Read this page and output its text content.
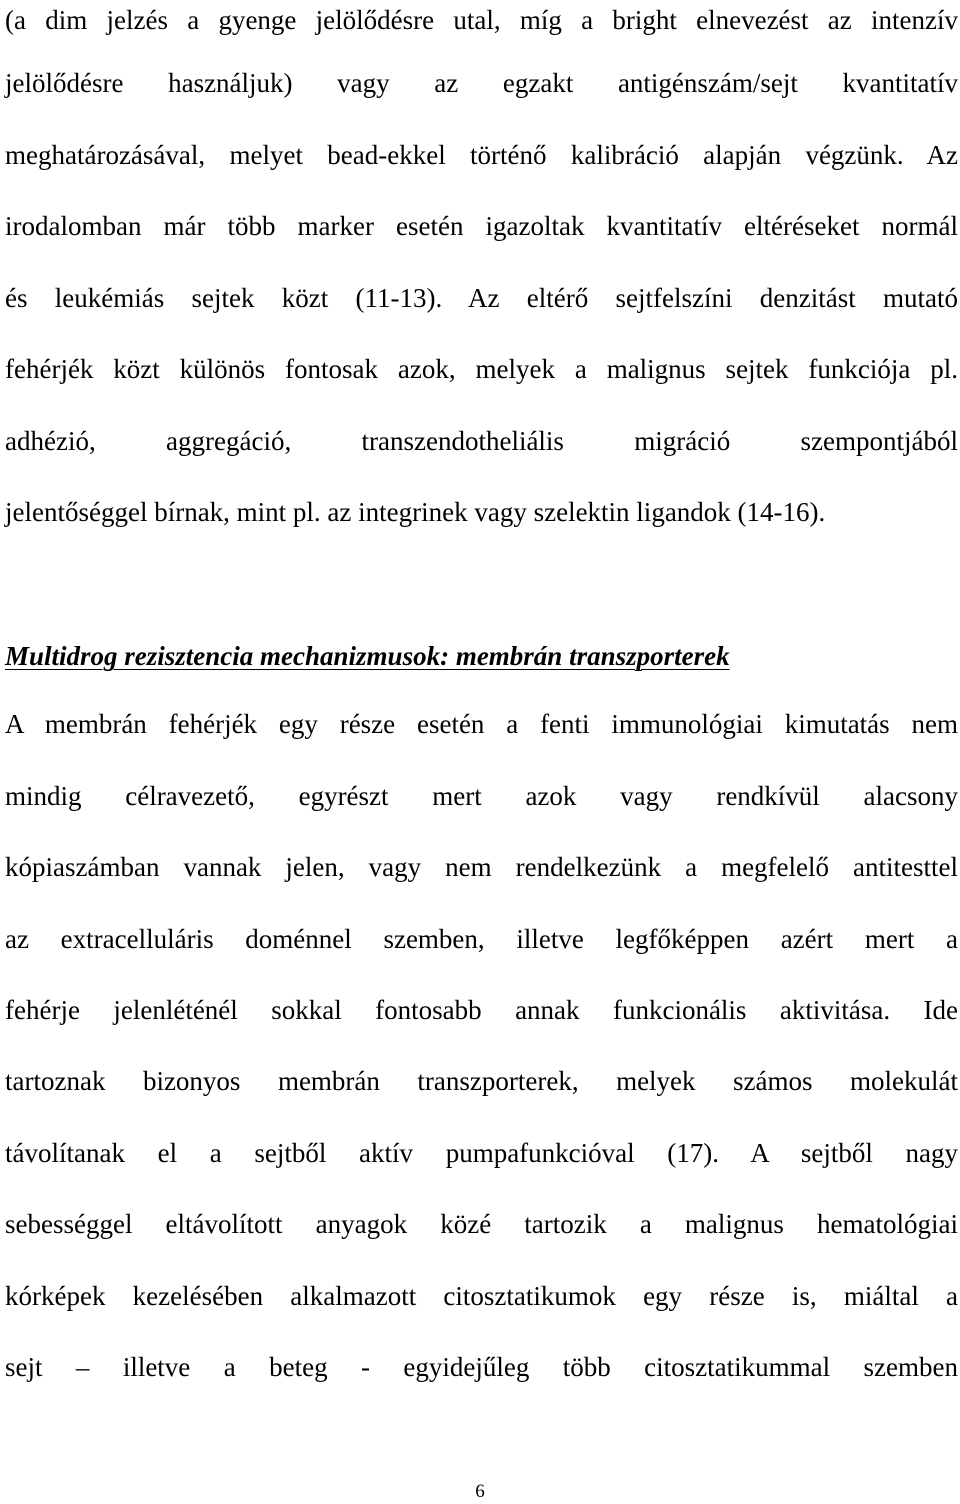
(a dim jelzés a gyenge jelölődésre utal, míg a bright elnevezést az intenzív
jelölődésre használjuk) vagy az egzakt antigénszám/sejt kvantitatív
meghatározásával, melyet bead-ekkel történő kalibráció alapján végzünk. Az
irodalomban már több marker esetén igazoltak kvantitatív eltéréseket normál
és leukémiás sejtek közt (11-13). Az eltérő sejtfelszíni denzitást mutató
fehérjék közt különös fontosak azok, melyek a malignus sejtek funkciója pl.
adhézió, aggregáció, transzendotheliális migráció szempontjából
jelentőséggel bírnak, mint pl. az integrinek vagy szelektin ligandok (14-16).
Multidrog rezisztencia mechanizmusok: membrán transzporterek
A membrán fehérjék egy része esetén a fenti immunológiai kimutatás nem
mindig célravezető, egyrészt mert azok vagy rendkívül alacsony
kópiaszámban vannak jelen, vagy nem rendelkezünk a megfelelő antitesttel
az extracelluláris doménnel szemben, illetve legfőképpen azért mert a
fehérje jelenléténél sokkal fontosabb annak funkcionális aktivitása. Ide
tartoznak bizonyos membrán transzporterek, melyek számos molekulát
távolítanak el a sejtből aktív pumpafunkcióval (17). A sejtből nagy
sebességgel eltávolított anyagok közé tartozik a malignus hematológiai
kórképek kezelésében alkalmazott citosztatikumok egy része is, miáltal a
sejt – illetve a beteg - egyidejűleg több citosztatikummal szemben
6
